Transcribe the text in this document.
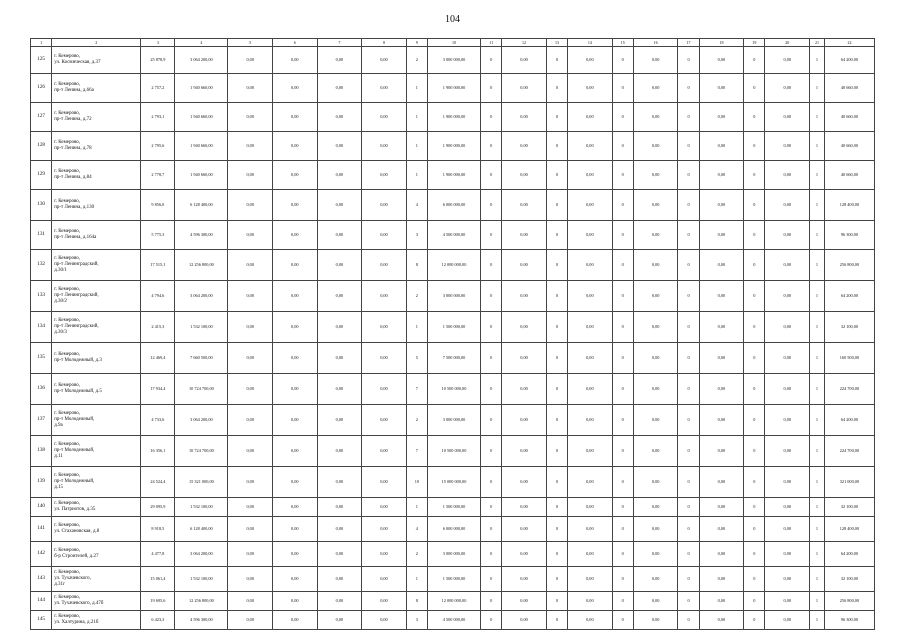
104
1	2	3	4	5	6	7	8	9	10	11	12	13	14	15	16	17	18	19	20	21	22
125	г. Кемерово,
ул. Космическая, д.37	25 878,9	3 064 200,00	0,00	0,00	0,00	0,00	2	3 000 000,00	0	0,00	0	0,00	0	0,00	0	0,00	0	0,00	1	64 200,00
126	г. Кемерово,
пр-т Ленина, д.66а	2 757,2	1 940 660,00	0,00	0,00	0,00	0,00	1	1 900 000,00	0	0,00	0	0,00	0	0,00	0	0,00	0	0,00	1	40 660,00
127	г. Кемерово,
пр-т Ленина, д.72	2 793,1	1 940 660,00	0,00	0,00	0,00	0,00	1	1 900 000,00	0	0,00	0	0,00	0	0,00	0	0,00	0	0,00	1	40 660,00
128	г. Кемерово,
пр-т Ленина, д.78	2 795,6	1 940 660,00	0,00	0,00	0,00	0,00	1	1 900 000,00	0	0,00	0	0,00	0	0,00	0	0,00	0	0,00	1	40 660,00
129	г. Кемерово,
пр-т Ленина, д.84	2 778,7	1 940 660,00	0,00	0,00	0,00	0,00	1	1 900 000,00	0	0,00	0	0,00	0	0,00	0	0,00	0	0,00	1	40 660,00
130	г. Кемерово,
пр-т Ленина, д.130	9 856,0	6 128 400,00	0,00	0,00	0,00	0,00	4	6 000 000,00	0	0,00	0	0,00	0	0,00	0	0,00	0	0,00	1	128 400,00
131	г. Кемерово,
пр-т Ленина, д.164а	5 775,3	4 596 300,00	0,00	0,00	0,00	0,00	3	4 500 000,00	0	0,00	0	0,00	0	0,00	0	0,00	0	0,00	1	96 300,00
132	г. Кемерово,
пр-т Ленинградский,
д.30/1	17 515,1	12 256 800,00	0,00	0,00	0,00	0,00	8	12 000 000,00	0	0,00	0	0,00	0	0,00	0	0,00	0	0,00	1	256 800,00
133	г. Кемерово,
пр-т Ленинградский,
д.30/2	4 794,6	3 064 200,00	0,00	0,00	0,00	0,00	2	3 000 000,00	0	0,00	0	0,00	0	0,00	0	0,00	0	0,00	1	64 200,00
134	г. Кемерово,
пр-т Ленинградский,
д.30/3	2 415,3	1 532 100,00	0,00	0,00	0,00	0,00	1	1 500 000,00	0	0,00	0	0,00	0	0,00	0	0,00	0	0,00	1	32 100,00
135	г. Кемерово,
пр-т Молодежный, д.3	12 469,4	7 660 500,00	0,00	0,00	0,00	0,00	5	7 500 000,00	0	0,00	0	0,00	0	0,00	0	0,00	0	0,00	1	160 500,00
136	г. Кемерово,
пр-т Молодежный, д.5	17 934,4	10 724 700,00	0,00	0,00	0,00	0,00	7	10 500 000,00	0	0,00	0	0,00	0	0,00	0	0,00	0	0,00	1	224 700,00
137	г. Кемерово,
пр-т Молодежный,
д.9а	4 733,6	3 064 200,00	0,00	0,00	0,00	0,00	2	3 000 000,00	0	0,00	0	0,00	0	0,00	0	0,00	0	0,00	1	64 200,00
138	г. Кемерово,
пр-т Молодежный,
д.11	16 356,1	10 724 700,00	0,00	0,00	0,00	0,00	7	10 500 000,00	0	0,00	0	0,00	0	0,00	0	0,00	0	0,00	1	224 700,00
139	г. Кемерово,
пр-т Молодежный,
д.15	24 524,4	15 321 000,00	0,00	0,00	0,00	0,00	10	15 000 000,00	0	0,00	0	0,00	0	0,00	0	0,00	0	0,00	1	321 000,00
140	г. Кемерово,
ул. Патриотов, д.35	29 095,9	1 532 100,00	0,00	0,00	0,00	0,00	1	1 500 000,00	0	0,00	0	0,00	0	0,00	0	0,00	0	0,00	1	32 100,00
141	г. Кемерово,
ул. Стахановская, д.8	8 918,5	6 128 400,00	0,00	0,00	0,00	0,00	4	6 000 000,00	0	0,00	0	0,00	0	0,00	0	0,00	0	0,00	1	128 400,00
142	г. Кемерово,
б-р Строителей, д.27	4 477,8	3 064 200,00	0,00	0,00	0,00	0,00	2	3 000 000,00	0	0,00	0	0,00	0	0,00	0	0,00	0	0,00	1	64 200,00
143	г. Кемерово,
ул. Тухачевского,
д.31г	15 061,4	1 532 100,00	0,00	0,00	0,00	0,00	1	1 500 000,00	0	0,00	0	0,00	0	0,00	0	0,00	0	0,00	1	32 100,00
144	г. Кемерово,
ул. Тухачевского, д.47б	19 695,6	12 256 800,00	0,00	0,00	0,00	0,00	8	12 000 000,00	0	0,00	0	0,00	0	0,00	0	0,00	0	0,00	1	256 800,00
145	г. Кемерово,
ул. Халтурина, д.21б	6 423,3	4 596 300,00	0,00	0,00	0,00	0,00	3	4 500 000,00	0	0,00	0	0,00	0	0,00	0	0,00	0	0,00	1	96 300,00
